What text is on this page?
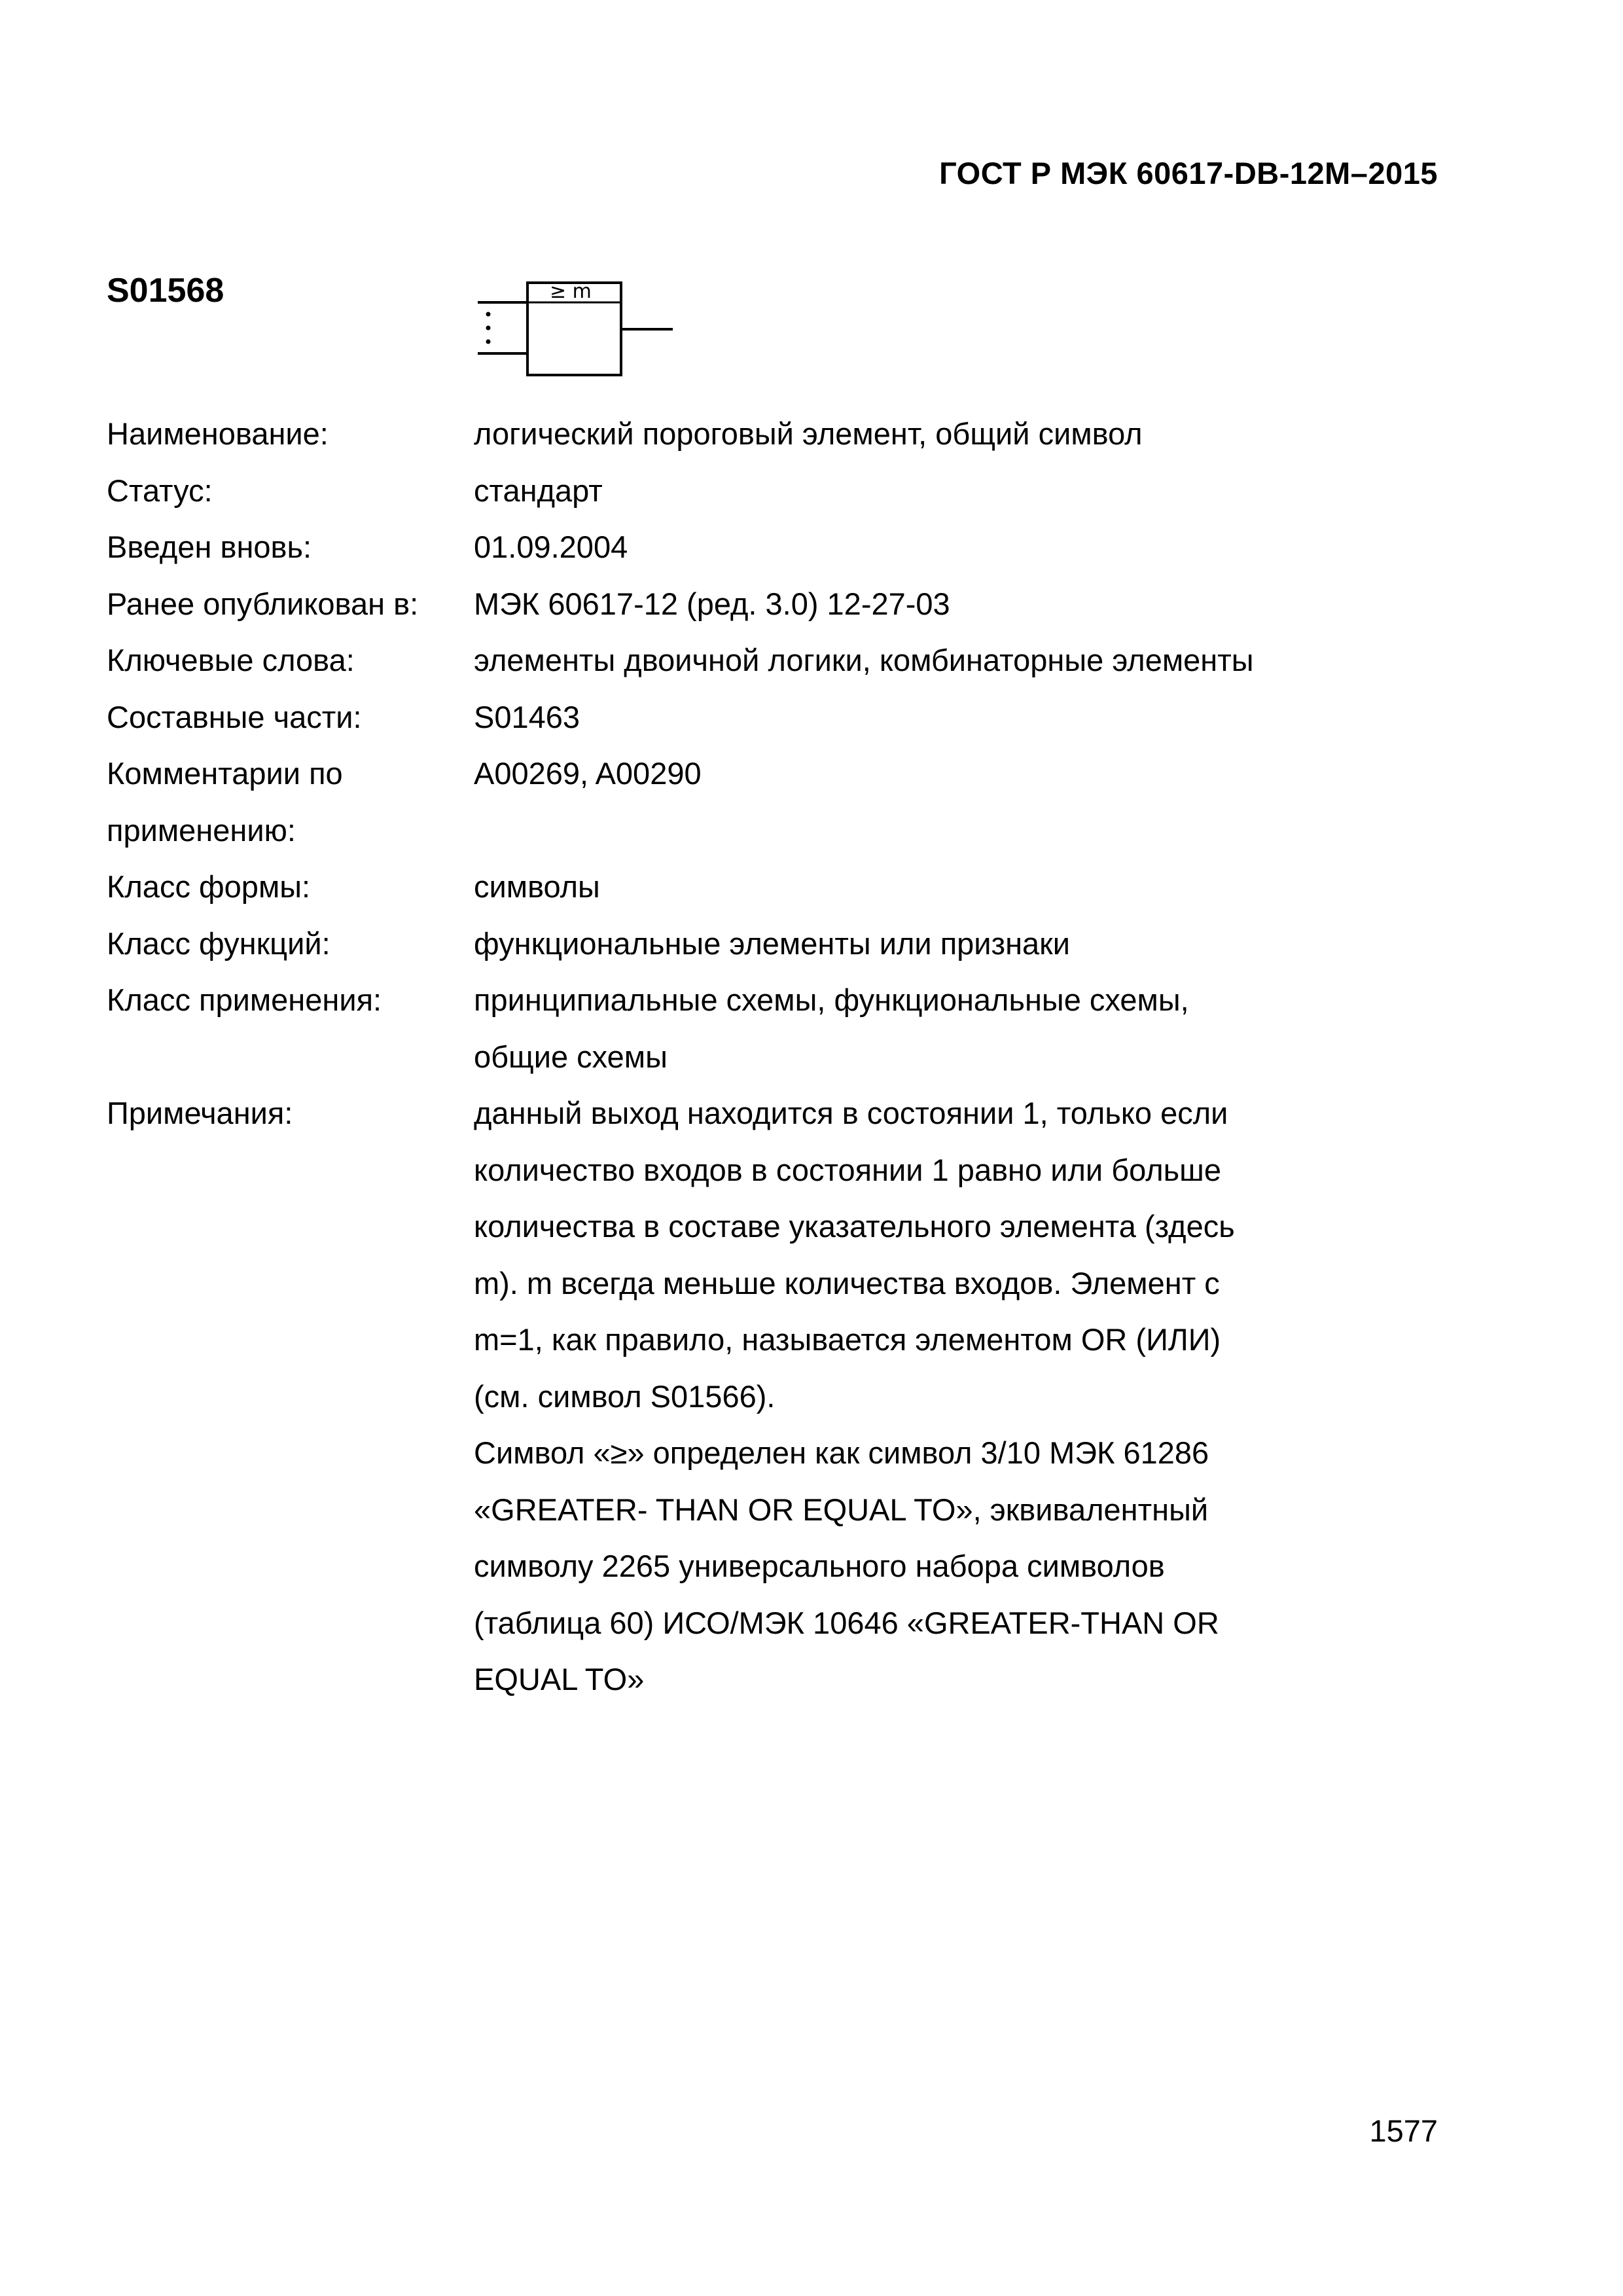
ГОСТ Р МЭК 60617-DB-12М–2015
S01568	≥ m
Наименование:	логический пороговый элемент, общий символ
Статус:	стандарт
Введен вновь:	01.09.2004
Ранее опубликован в:	МЭК 60617-12 (ред. 3.0) 12-27-03
Ключевые слова:	элементы двоичной логики, комбинаторные элементы
Составные части:	S01463
Комментарии по
применению:
A00269, A00290
Класс формы:	символы
Класс функций:	функциональные элементы или признаки
Класс применения:	принципиальные схемы, функциональные схемы,
общие схемы
Примечания:	данный выход находится в состоянии 1, только если
количество входов в состоянии 1 равно или больше
количества в составе указательного элемента (здесь
m). m всегда меньше количества входов. Элемент с
m=1, как правило, называется элементом OR (ИЛИ)
(см. символ S01566).
Символ «≥» определен как символ 3/10 МЭК 61286
«GREATER- THAN OR EQUAL TO», эквивалентный
символу 2265 универсального набора символов
(таблица 60) ИСО/МЭК 10646 «GREATER-THAN OR
EQUAL TO»
1577
